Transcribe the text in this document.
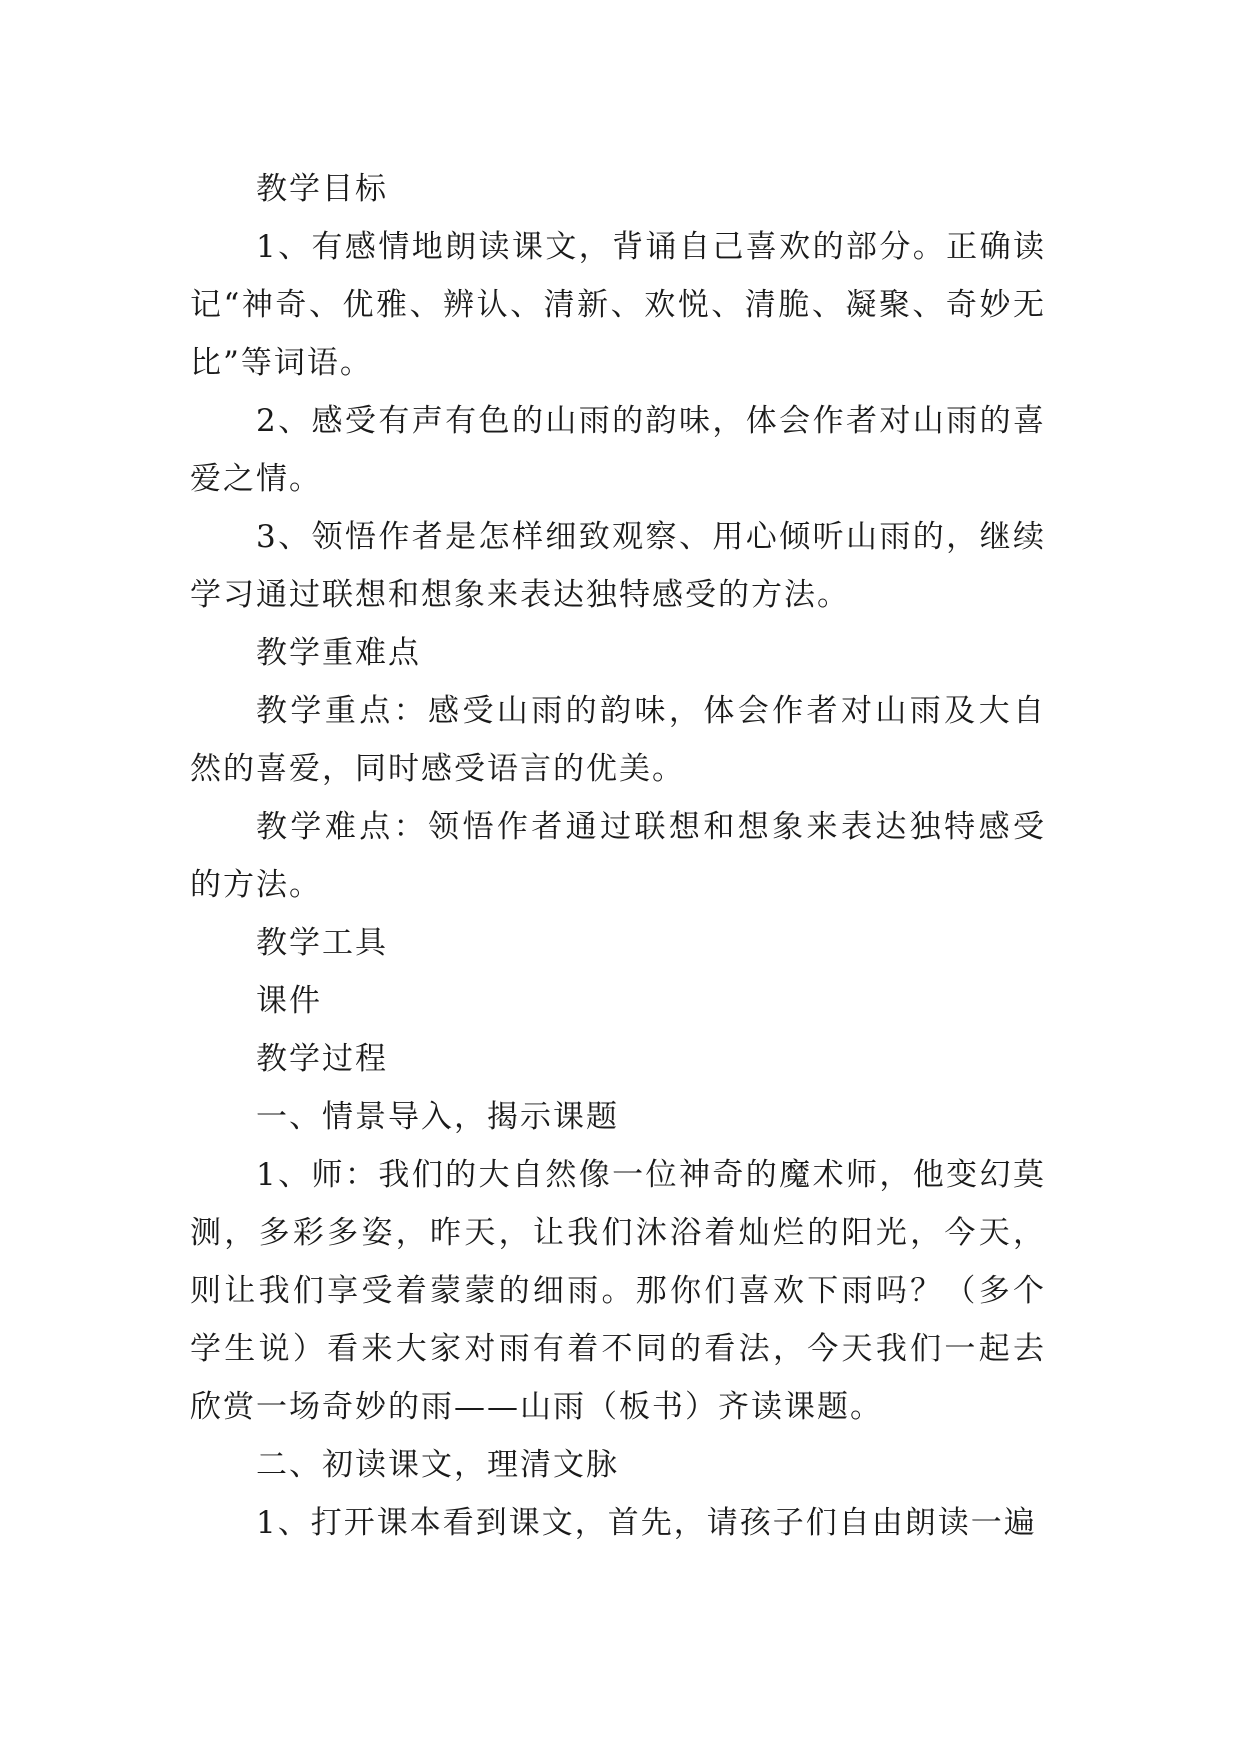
教学目标

1、有感情地朗读课文，背诵自己喜欢的部分。正确读记“神奇、优雅、辨认、清新、欢悦、清脆、凝聚、奇妙无比”等词语。

2、感受有声有色的山雨的韵味，体会作者对山雨的喜爱之情。

3、领悟作者是怎样细致观察、用心倾听山雨的，继续学习通过联想和想象来表达独特感受的方法。

教学重难点

教学重点：感受山雨的韵味，体会作者对山雨及大自然的喜爱，同时感受语言的优美。

教学难点：领悟作者通过联想和想象来表达独特感受的方法。

教学工具

课件

教学过程

一、情景导入，揭示课题

1、师：我们的大自然像一位神奇的魔术师，他变幻莫测，多彩多姿，昨天，让我们沐浴着灿烂的阳光，今天，则让我们享受着蒙蒙的细雨。那你们喜欢下雨吗？（多个学生说）看来大家对雨有着不同的看法，今天我们一起去欣赏一场奇妙的雨——山雨（板书）齐读课题。

二、初读课文，理清文脉

1、打开课本看到课文，首先，请孩子们自由朗读一遍
